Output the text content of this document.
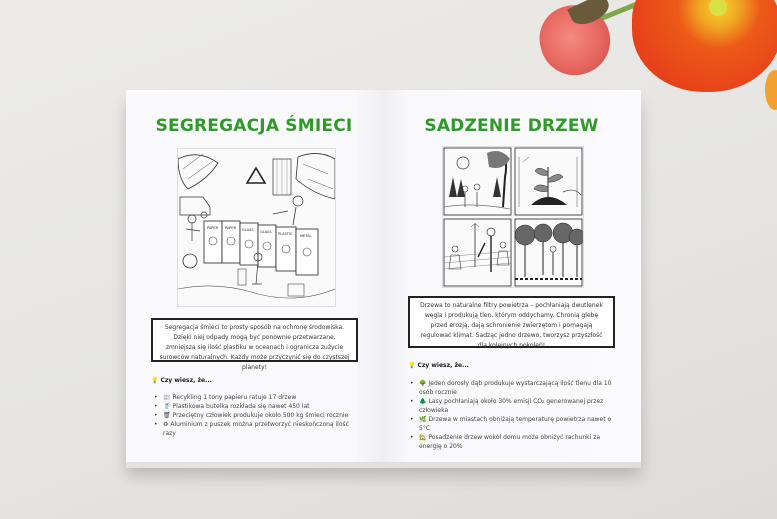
SEGREGACJA ŚMIECI
PAPER PAPER GLASS GLASS PLASTIC METAL
Segregacja śmieci to prosty sposób na ochronę środowiska. Dzięki niej odpady mogą być ponownie przetwarzane, zmniejsza się ilość plastiku w oceanach i ogranicza zużycie surowców naturalnych. Każdy może przyczynić się do czystszej planety!
💡 Czy wiesz, że...
• 📰 Recykling 1 tony papieru ratuje 17 drzew
• 🥤 Plastikowa butelka rozkłada się nawet 450 lat
• 🗑 Przeciętny człowiek produkuje około 500 kg śmieci rocznie
• ♻ Aluminium z puszek można przetworzyć nieskończoną ilość razy
SADZENIE DRZEW
Drzewa to naturalne filtry powietrza – pochłaniają dwutlenek węgla i produkują tlen, którym oddychamy. Chronią glebę przed erozją, dają schronienie zwierzętom i pomagają regulować klimat. Sadząc jedno drzewo, tworzysz przyszłość dla kolejnych pokoleń!
💡 Czy wiesz, że...
• 🌳 Jeden dorosły dąb produkuje wystarczającą ilość tlenu dla 10 osób rocznie
• 🌲 Lasy pochłaniają około 30% emisji CO₂ generowanej przez człowieka
• 🌿 Drzewa w miastach obniżają temperaturę powietrza nawet o 5°C
• 🏡 Posadzenie drzew wokół domu może obniżyć rachunki za energię o 20%
